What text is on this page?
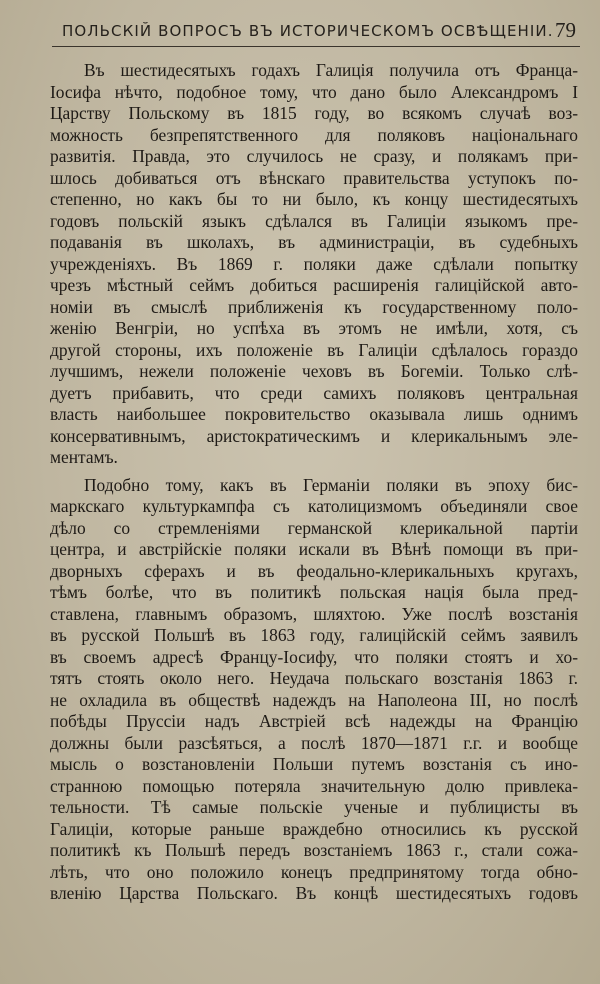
ПОЛЬСКІЙ ВОПРОСЪ ВЪ ИСТОРИЧЕСКОМЪ ОСВѢЩЕНІИ. 79

Въ шестидесятыхъ годахъ Галиція получила отъ Франца-
Іосифа нѣчто, подобное тому, что дано было Александромъ І
Царству Польскому въ 1815 году, во всякомъ случаѣ воз-
можность безпрепятственного для поляковъ національнаго
развитія. Правда, это случилось не сразу, и полякамъ при-
шлось добиваться отъ вѣнскаго правительства уступокъ по-
степенно, но какъ бы то ни было, къ концу шестидесятыхъ
годовъ польскій языкъ сдѣлался въ Галиціи языкомъ пре-
подаванія въ школахъ, въ администраціи, въ судебныхъ
учрежденіяхъ. Въ 1869 г. поляки даже сдѣлали попытку
чрезъ мѣстный сеймъ добиться расширенія галиційской авто-
номіи въ смыслѣ приближенія къ государственному поло-
женію Венгріи, но успѣха въ этомъ не имѣли, хотя, съ
другой стороны, ихъ положеніе въ Галиціи сдѣлалось гораздо
лучшимъ, нежели положеніе чеховъ въ Богеміи. Только слѣ-
дуетъ прибавить, что среди самихъ поляковъ центральная
власть наибольшее покровительство оказывала лишь однимъ
консервативнымъ, аристократическимъ и клерикальнымъ эле-
ментамъ.

Подобно тому, какъ въ Германіи поляки въ эпоху бис-
маркскаго культуркампфа съ католицизмомъ объединяли свое
дѣло со стремленіями германской клерикальной партіи
центра, и австрійскіе поляки искали въ Вѣнѣ помощи въ при-
дворныхъ сферахъ и въ феодально-клерикальныхъ кругахъ,
тѣмъ болѣе, что въ политикѣ польская нація была пред-
ставлена, главнымъ образомъ, шляхтою. Уже послѣ возстанія
въ русской Польшѣ въ 1863 году, галиційскій сеймъ заявилъ
въ своемъ адресѣ Францу-Іосифу, что поляки стоятъ и хо-
тятъ стоять около него. Неудача польскаго возстанія 1863 г.
не охладила въ обществѣ надеждъ на Наполеона III, но послѣ
побѣды Пруссіи надъ Австріей всѣ надежды на Францію
должны были разсѣяться, а послѣ 1870—1871 г.г. и вообще
мысль о возстановленіи Польши путемъ возстанія съ ино-
странною помощью потеряла значительную долю привлека-
тельности. Тѣ самые польскіе ученые и публицисты въ
Галиціи, которые раньше враждебно относились къ русской
политикѣ къ Польшѣ передъ возстаніемъ 1863 г., стали сожа-
лѣть, что оно положило конецъ предпринятому тогда обно-
вленію Царства Польскаго. Въ концѣ шестидесятыхъ годовъ
